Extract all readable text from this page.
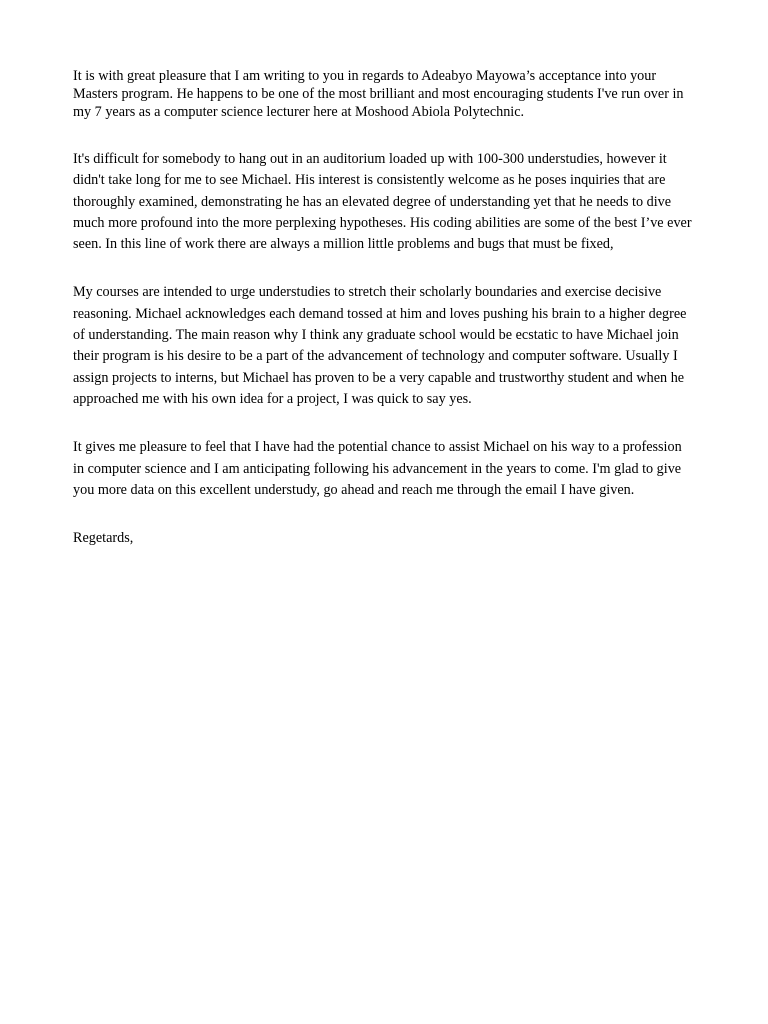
It is with great pleasure that I am writing to you in regards to Adeabyo Mayowa’s acceptance into your Masters program. He happens to be one of the most brilliant and most encouraging students I've run over in my 7 years as a computer science lecturer here at Moshood Abiola Polytechnic.

It's difficult for somebody to hang out in an auditorium loaded up with 100-300 understudies, however it didn't take long for me to see Michael. His interest is consistently welcome as he poses inquiries that are thoroughly examined, demonstrating he has an elevated degree of understanding yet that he needs to dive much more profound into the more perplexing hypotheses. His coding abilities are some of the best I’ve ever seen. In this line of work there are always a million little problems and bugs that must be fixed,

My courses are intended to urge understudies to stretch their scholarly boundaries and exercise decisive reasoning. Michael acknowledges each demand tossed at him and loves pushing his brain to a higher degree of understanding. The main reason why I think any graduate school would be ecstatic to have Michael join their program is his desire to be a part of the advancement of technology and computer software. Usually I assign projects to interns, but Michael has proven to be a very capable and trustworthy student and when he approached me with his own idea for a project, I was quick to say yes.

It gives me pleasure to feel that I have had the potential chance to assist Michael on his way to a profession in computer science and I am anticipating following his advancement in the years to come. I'm glad to give you more data on this excellent understudy, go ahead and reach me through the email I have given.

Regetards,
